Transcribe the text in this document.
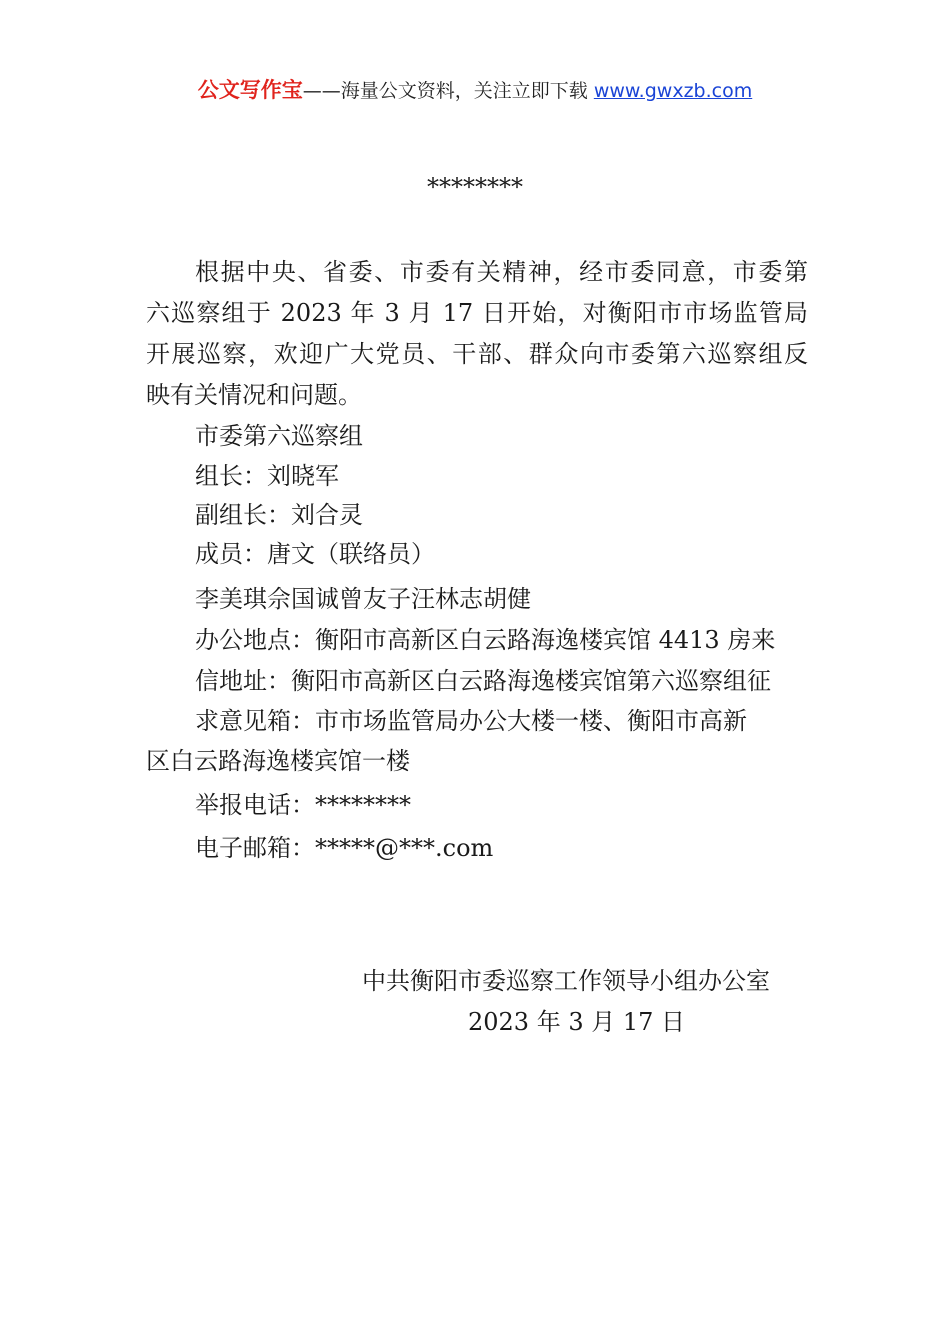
公文写作宝——海量公文资料，关注立即下载 www.gwxzb.com
********
根据中央、省委、市委有关精神，经市委同意，市委第
六巡察组于 2023 年 3 月 17 日开始，对衡阳市市场监管局
开展巡察，欢迎广大党员、干部、群众向市委第六巡察组反
映有关情况和问题。
市委第六巡察组
组长：刘晓军
副组长：刘合灵
成员：唐文（联络员）
李美琪佘国诚曾友子汪林志胡健
办公地点：衡阳市高新区白云路海逸楼宾馆 4413 房来
信地址：衡阳市高新区白云路海逸楼宾馆第六巡察组征
求意见箱：市市场监管局办公大楼一楼、衡阳市高新
区白云路海逸楼宾馆一楼
举报电话：********
电子邮箱：*****@***.com
中共衡阳市委巡察工作领导小组办公室
2023 年 3 月 17 日
